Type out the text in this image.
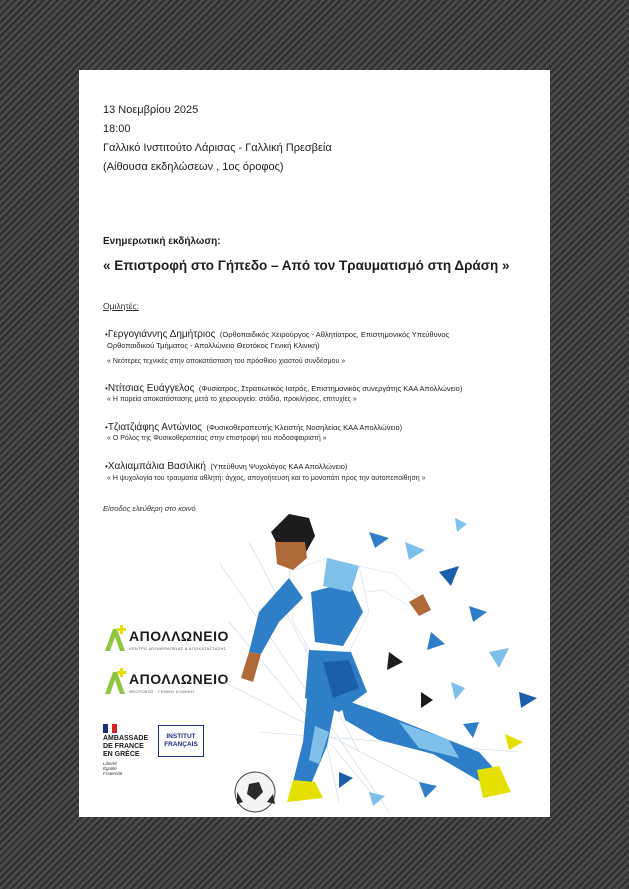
13 Νοεμβρίου 2025
18:00
Γαλλικό Ινστιτούτο Λάρισας - Γαλλική Πρεσβεία
(Αίθουσα εκδηλώσεων , 1ος όροφος)
Ενημερωτική εκδήλωση:
« Επιστροφή στο Γήπεδο – Από τον Τραυματισμό στη Δράση »
Ομιλητές:
•Γεργογιάννης Δημήτριος (Ορθοπαιδικός Χειρούργος - Αθλητίατρος, Επιστημονικός Υπεύθυνος
Ορθοπαιδικού Τμήματος - Απολλώνειο Θεοτόκος Γενική Κλινική)
« Νεότερες τεχνικές στην αποκατάσταση του πρόσθιου χιαστού συνδέσμου »
•Ντίτσιας Ευάγγελος (Φυσίατρος, Στρατιωτικός Ιατρός, Επιστημονικός συνεργάτης ΚΑΑ Απολλώνειο)
« Η πορεία αποκατάστασης μετά το χειρουργείο: στάδια, προκλήσεις, επιτυχίες »
•Τζιατζιάφης Αντώνιος (Φυσικοθεραπευτής Κλειστής Νοσηλείας ΚΑΑ Απολλώνειο)
« Ο Ρόλος της Φυσικοθεραπείας στην επιστροφή του ποδοσφαιριστή »
•Χαλιαμπάλια Βασιλική (Υπεύθυνη Ψυχολόγος ΚΑΑ Απολλώνειο)
« Η ψυχολογία του τραυματία αθλητή: άγχος, απογοήτευση και το μονοπάτι προς την αυτοπεποίθηση »
Είσοδος ελεύθερη στο κοινό
ΑΠΟΛΛΩΝΕΙΟ
ΚΕΝΤΡΟ ΑΠΟΘΕΡΑΠΕΙΑΣ & ΑΠΟΚΑΤΑΣΤΑΣΗΣ
ΑΠΟΛΛΩΝΕΙΟ
ΘΕΟΤΟΚΟΣ · ΓΕΝΙΚΗ ΚΛΙΝΙΚΗ
AMBASSADE
DE FRANCE
EN GRÈCE
Liberté
Égalité
Fraternité
INSTITUT
FRANÇAIS
